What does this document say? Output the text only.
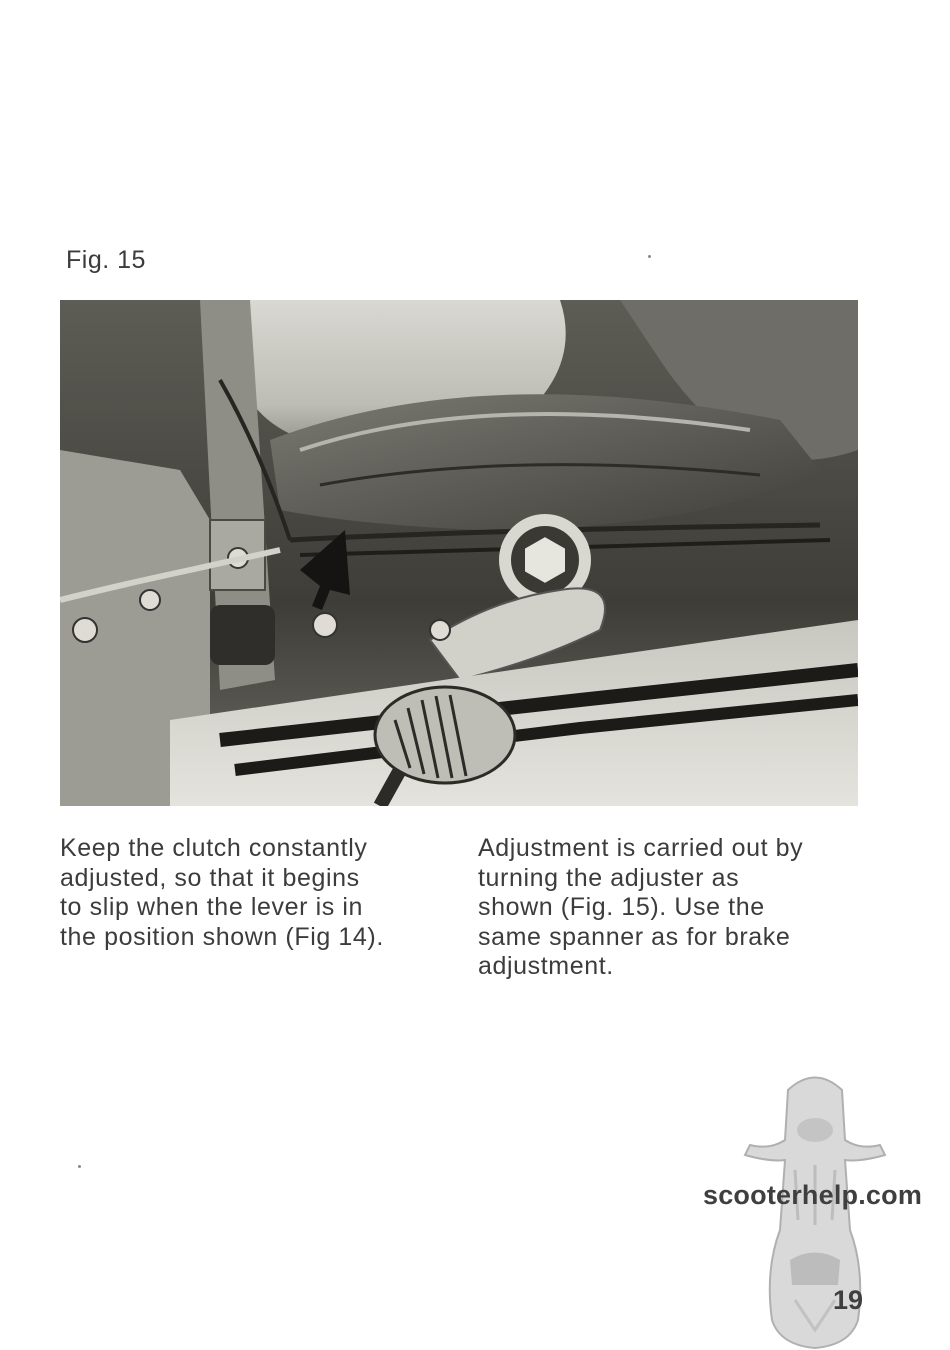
Fig. 15
Keep the clutch constantly
adjusted, so that it begins
to slip when the lever is in
the position shown (Fig 14).
Adjustment is carried out by
turning the adjuster as
shown (Fig. 15). Use the
same spanner as for brake
adjustment.
scooterhelp.com
19
